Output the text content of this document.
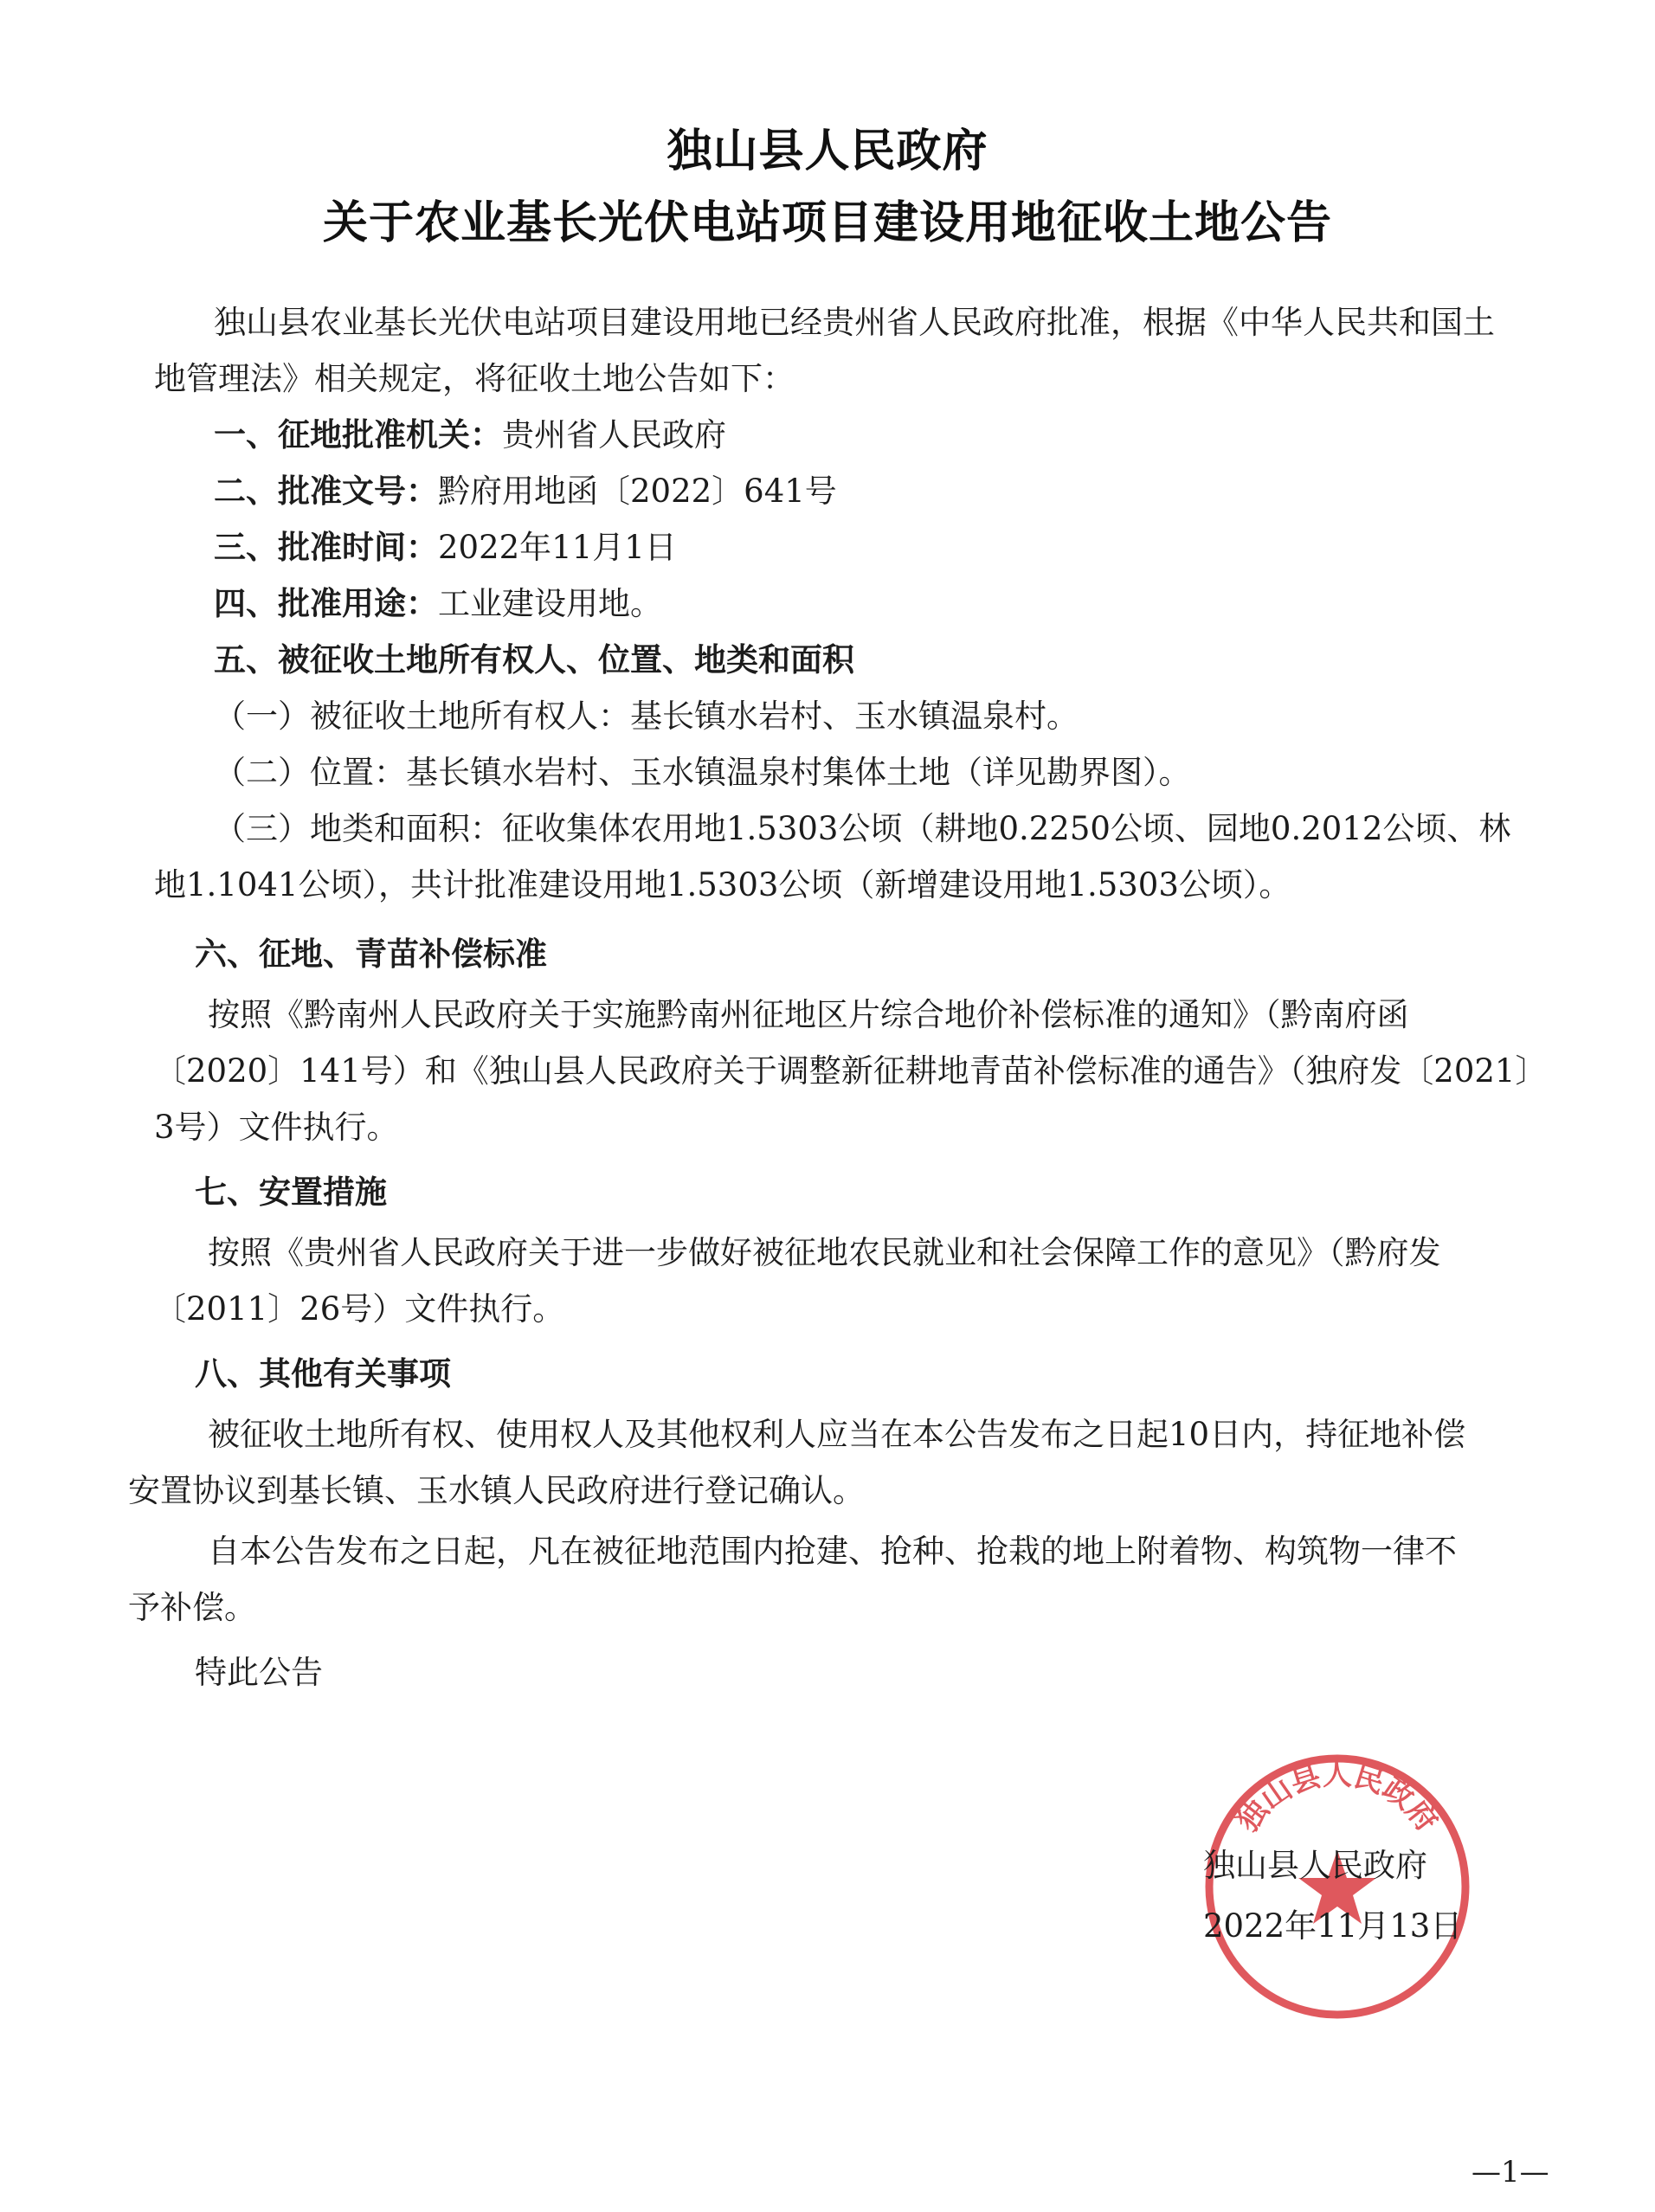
独山县人民政府
关于农业基长光伏电站项目建设用地征收土地公告
独山县农业基长光伏电站项目建设用地已经贵州省人民政府批准，根据《中华人民共和国土
地管理法》相关规定，将征收土地公告如下：
一、征地批准机关：贵州省人民政府
二、批准文号：黔府用地函〔2022〕641号
三、批准时间：2022年11月1日
四、批准用途：工业建设用地。
五、被征收土地所有权人、位置、地类和面积
（一）被征收土地所有权人：基长镇水岩村、玉水镇温泉村。
（二）位置：基长镇水岩村、玉水镇温泉村集体土地（详见勘界图）。
（三）地类和面积：征收集体农用地1.5303公顷（耕地0.2250公顷、园地0.2012公顷、林
地1.1041公顷），共计批准建设用地1.5303公顷（新增建设用地1.5303公顷）。
六、征地、青苗补偿标准
按照《黔南州人民政府关于实施黔南州征地区片综合地价补偿标准的通知》（黔南府函
〔2020〕141号）和《独山县人民政府关于调整新征耕地青苗补偿标准的通告》（独府发〔2021〕
3号）文件执行。
七、安置措施
按照《贵州省人民政府关于进一步做好被征地农民就业和社会保障工作的意见》（黔府发
〔2011〕26号）文件执行。
八、其他有关事项
被征收土地所有权、使用权人及其他权利人应当在本公告发布之日起10日内，持征地补偿
安置协议到基长镇、玉水镇人民政府进行登记确认。
自本公告发布之日起，凡在被征地范围内抢建、抢种、抢栽的地上附着物、构筑物一律不
予补偿。
特此公告
独山县人民政府
独山县人民政府
2022年11月13日
—1—
